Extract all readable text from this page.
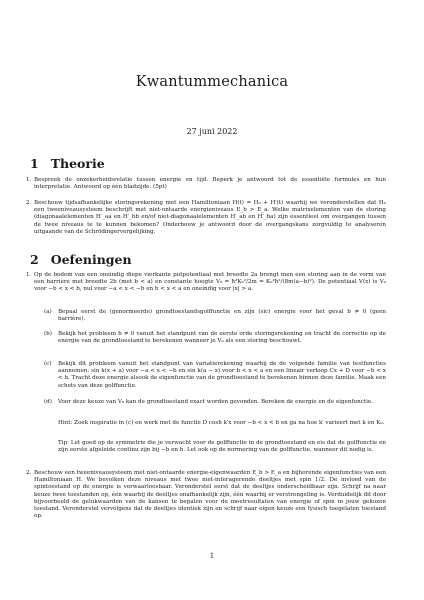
Kwantummechanica
27 juni 2022
1 Theorie
1. Bespreek de onzekerheidsrelatie tussen energie en tijd. Beperk je antwoord tot de essentiële formules en hun interpretatie. Antwoord op één bladzijde. (5pt)
2. Beschouw tijdsafhankelijke storingsrekening met een Hamiltoniaan H(t) = H₀ + H′(t) waarbij we veronderstellen dat H₀ een tweeniveausysteem beschrijft met niet-ontaarde energieniveaus E_b > E_a. Welke matrixelementen van de storing (diagonaalelementen H′_aa en H′_bb en/of niet-diagonaalelementen H′_ab en H′_ba) zijn essentieel om overgangen tussen de twee niveaus te te kunnen bekomen? Onderbouw je antwoord door de overgangskans zorgvuldig te analyseren uitgaande van de Schrödingervergelijking.
2 Oefeningen
1. Op de bodem van een oneindig diepe vierkante putpotentiaal met breedte 2a brengt men een storing aan in de vorm van een barrière met breedte 2b (met b < a) en constante hoogte V₀ = ħ²K₀²/2m = K₀²ħ²/(8m(a−b)²). De potentiaal V(x) is V₀ voor −b < x < b, nul voor −a < x < −b en b < x < a en oneindig voor |x| > a.
(a) Bepaal eerst de (genormeerde) grondtoestandsgolffunctie en zijn (sic) energie voor het geval b ≠ 0 (geen barrière).
(b) Bekijk het probleem b ≠ 0 vanuit het standpunt van de eerste orde storingsrekening en tracht de correctie op de energie van de grondtoestand te berekenen wanneer je V₀ als een storing beschouwt.
(c) Bekijk dit probleem vanuit het standpunt van variatierekening waarbij de de volgende familie van testfuncties aannemen: sin k(x + a) voor −a < x < −b en sin k(a − x) voor b < x < a en een lineair verloop Cx + D voor −b < x < b. Tracht deze energie alsook de eigenfunctie van de grondtoestand te berekenen binnen deze familie. Maak een schets van deze golffunctie.
(d) Voor deze keuze van V₀ kan de grondtoestand exact worden gevonden. Bereken de energie en de eigenfunctie.
Hint: Zoek inspiratie in (c) en werk met de functie D cosh k′x voor −b < x < b en ga na hoe k′ varieert met k en K₀.
Tip: Let goed op de symmetrie die je verwacht voor de golffunctie in de grondtoestand en eis dat de golffunctie en zijn eerste afgeleide continu zijn bij −b en b. Let ook op de normering van de golffunctie, wanneer dit nodig is.
2. Beschouw een tweeniveausysteem met niet-ontaarde energie-eigenwaarden E_b > E_a en bijhorende eigenfuncties van een Hamiltoniaan H. We bevolken deze niveaus met twee niet-interagerende deeltjes met spin 1/2. De invloed van de spintoestand op de energie is verwaarloosbaar. Veronderstel eerst dat de deeltjes onderscheidbaar zijn. Schrijf na naar keuze twee toestanden op, één waarbij de deeltjes onafhankelijk zijn, één waarbij er verstrengeling is. Verduidelijk dit door bijvoorbeeld de gelukwaarden van de kansen te bepalen voor de meetresultaten van energie of spin in jouw gekozen toestand. Veronderstel vervolgens dat de deeltjes identiek zijn en schrijf naar eigen keuze een fysisch toegelaten toestand op.
1
